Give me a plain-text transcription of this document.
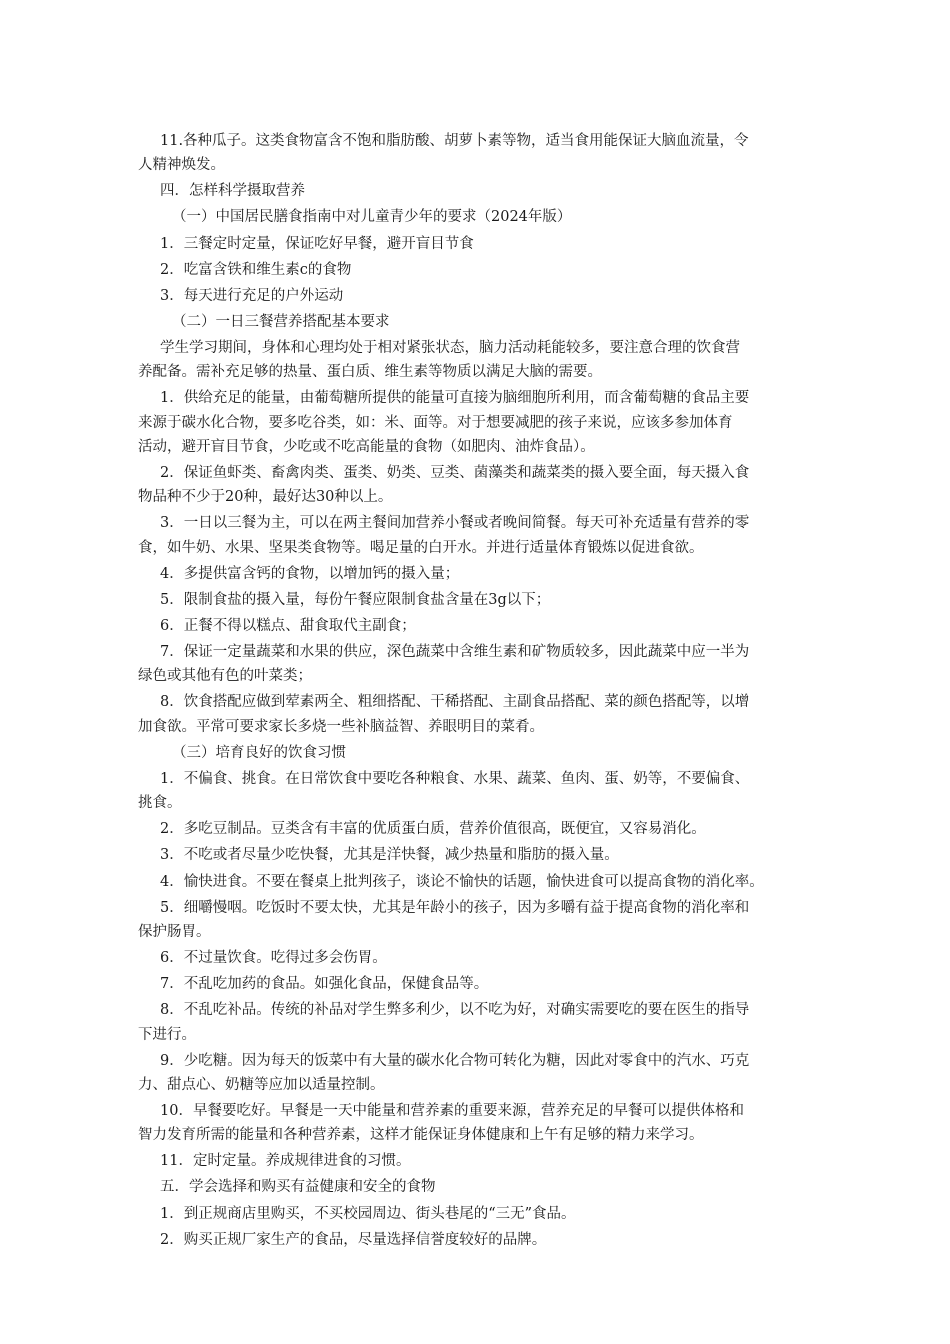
11.各种瓜子。这类食物富含不饱和脂肪酸、胡萝卜素等物，适当食用能保证大脑血流量，令

人精神焕发。

四．怎样科学摄取营养

（一）中国居民膳食指南中对儿童青少年的要求（2024年版）

1．三餐定时定量，保证吃好早餐，避开盲目节食

2．吃富含铁和维生素c的食物

3．每天进行充足的户外运动

（二）一日三餐营养搭配基本要求

学生学习期间，身体和心理均处于相对紧张状态，脑力活动耗能较多，要注意合理的饮食营

养配备。需补充足够的热量、蛋白质、维生素等物质以满足大脑的需要。

1．供给充足的能量，由葡萄糖所提供的能量可直接为脑细胞所利用，而含葡萄糖的食品主要

来源于碳水化合物，要多吃谷类，如：米、面等。对于想要减肥的孩子来说，应该多参加体育

活动，避开盲目节食，少吃或不吃高能量的食物（如肥肉、油炸食品）。

2．保证鱼虾类、畜禽肉类、蛋类、奶类、豆类、菌藻类和蔬菜类的摄入要全面，每天摄入食

物品种不少于20种，最好达30种以上。

3．一日以三餐为主，可以在两主餐间加营养小餐或者晚间简餐。每天可补充适量有营养的零

食，如牛奶、水果、坚果类食物等。喝足量的白开水。并进行适量体育锻炼以促进食欲。

4．多提供富含钙的食物，以增加钙的摄入量；

5．限制食盐的摄入量，每份午餐应限制食盐含量在3g以下；

6．正餐不得以糕点、甜食取代主副食；

7．保证一定量蔬菜和水果的供应，深色蔬菜中含维生素和矿物质较多，因此蔬菜中应一半为

绿色或其他有色的叶菜类；

8．饮食搭配应做到荤素两全、粗细搭配、干稀搭配、主副食品搭配、菜的颜色搭配等，以增

加食欲。平常可要求家长多烧一些补脑益智、养眼明目的菜肴。

（三）培育良好的饮食习惯

1．不偏食、挑食。在日常饮食中要吃各种粮食、水果、蔬菜、鱼肉、蛋、奶等，不要偏食、

挑食。

2．多吃豆制品。豆类含有丰富的优质蛋白质，营养价值很高，既便宜，又容易消化。

3．不吃或者尽量少吃快餐，尤其是洋快餐，减少热量和脂肪的摄入量。

4．愉快进食。不要在餐桌上批判孩子，谈论不愉快的话题，愉快进食可以提高食物的消化率。

5．细嚼慢咽。吃饭时不要太快，尤其是年龄小的孩子，因为多嚼有益于提高食物的消化率和

保护肠胃。

6．不过量饮食。吃得过多会伤胃。

7．不乱吃加药的食品。如强化食品，保健食品等。

8．不乱吃补品。传统的补品对学生弊多利少，以不吃为好，对确实需要吃的要在医生的指导

下进行。

9．少吃糖。因为每天的饭菜中有大量的碳水化合物可转化为糖，因此对零食中的汽水、巧克

力、甜点心、奶糖等应加以适量控制。

10．早餐要吃好。早餐是一天中能量和营养素的重要来源，营养充足的早餐可以提供体格和

智力发育所需的能量和各种营养素，这样才能保证身体健康和上午有足够的精力来学习。

11．定时定量。养成规律进食的习惯。

五．学会选择和购买有益健康和安全的食物

1．到正规商店里购买，不买校园周边、街头巷尾的“三无”食品。

2．购买正规厂家生产的食品，尽量选择信誉度较好的品牌。
